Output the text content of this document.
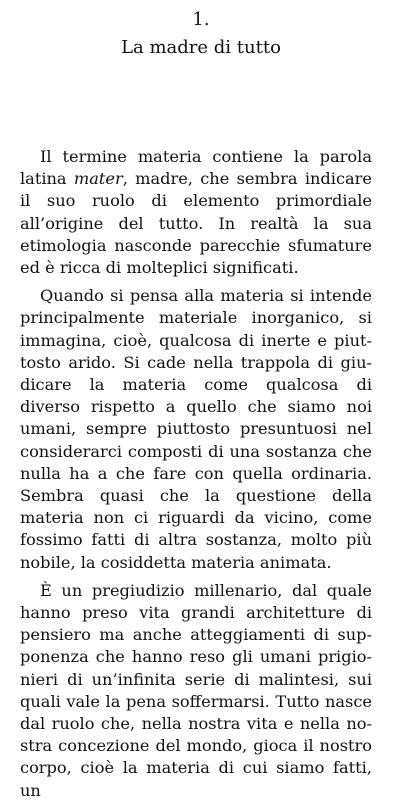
1.
La madre di tutto

Il termine materia contiene la parola latina mater, madre, che sembra indicare il suo ruolo di elemento primordiale all’origine del tutto. In realtà la sua etimologia nasconde parecchie sfumature ed è ricca di molteplici significati.

Quando si pensa alla materia si intende principalmente materiale inorganico, si immagina, cioè, qualcosa di inerte e piuttosto arido. Si cade nella trappola di giudicare la materia come qualcosa di diverso rispetto a quello che siamo noi umani, sempre piuttosto presuntuosi nel considerarci composti di una sostanza che nulla ha a che fare con quella ordinaria. Sembra quasi che la questione della materia non ci riguardi da vicino, come fossimo fatti di altra sostanza, molto più nobile, la cosiddetta materia animata.

È un pregiudizio millenario, dal quale hanno preso vita grandi architetture di pensiero ma anche atteggiamenti di supponenza che hanno reso gli umani prigionieri di un’infinita serie di malintesi, sui quali vale la pena soffermarsi. Tutto nasce dal ruolo che, nella nostra vita e nella nostra concezione del mondo, gioca il nostro corpo, cioè la materia di cui siamo fatti, un
